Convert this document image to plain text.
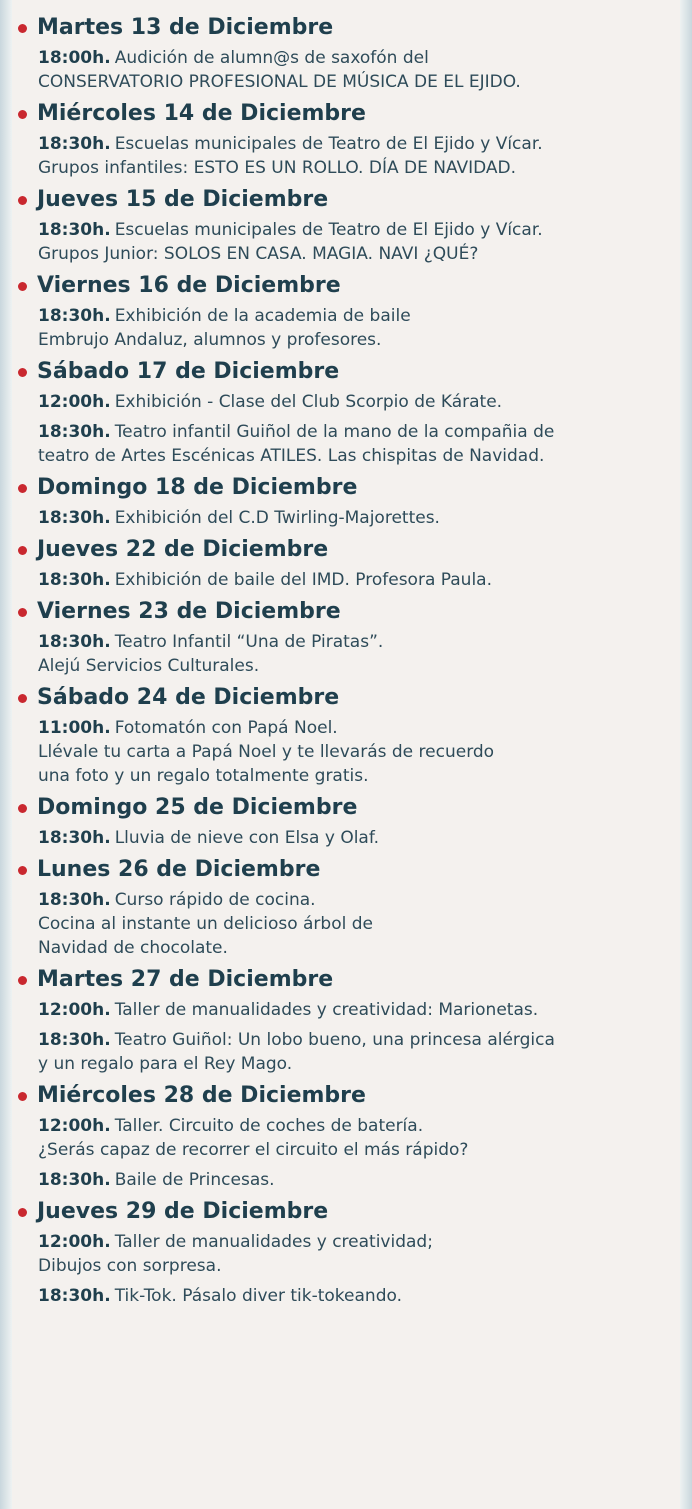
Martes 13 de Diciembre

18:00h. Audición de alumn@s de saxofón del
CONSERVATORIO PROFESIONAL DE MÚSICA DE EL EJIDO.

Miércoles 14 de Diciembre

18:30h. Escuelas municipales de Teatro de El Ejido y Vícar.
Grupos infantiles: ESTO ES UN ROLLO. DÍA DE NAVIDAD.

Jueves 15 de Diciembre

18:30h. Escuelas municipales de Teatro de El Ejido y Vícar.
Grupos Junior: SOLOS EN CASA. MAGIA. NAVI ¿QUÉ?

Viernes 16 de Diciembre

18:30h. Exhibición de la academia de baile
Embrujo Andaluz, alumnos y profesores.

Sábado 17 de Diciembre

12:00h. Exhibición - Clase del Club Scorpio de Kárate.

18:30h. Teatro infantil Guiñol de la mano de la compañia de
teatro de Artes Escénicas ATILES. Las chispitas de Navidad.

Domingo 18 de Diciembre

18:30h. Exhibición del C.D Twirling-Majorettes.

Jueves 22 de Diciembre

18:30h. Exhibición de baile del IMD. Profesora Paula.

Viernes 23 de Diciembre

18:30h. Teatro Infantil “Una de Piratas”.
Alejú Servicios Culturales.

Sábado 24 de Diciembre

11:00h. Fotomatón con Papá Noel.
Llévale tu carta a Papá Noel y te llevarás de recuerdo
una foto y un regalo totalmente gratis.

Domingo 25 de Diciembre

18:30h. Lluvia de nieve con Elsa y Olaf.

Lunes 26 de Diciembre

18:30h. Curso rápido de cocina.
Cocina al instante un delicioso árbol de
Navidad de chocolate.

Martes 27 de Diciembre

12:00h. Taller de manualidades y creatividad: Marionetas.

18:30h. Teatro Guiñol: Un lobo bueno, una princesa alérgica
y un regalo para el Rey Mago.

Miércoles 28 de Diciembre

12:00h. Taller. Circuito de coches de batería.
¿Serás capaz de recorrer el circuito el más rápido?

18:30h. Baile de Princesas.

Jueves 29 de Diciembre

12:00h. Taller de manualidades y creatividad;
Dibujos con sorpresa.

18:30h. Tik-Tok. Pásalo diver tik-tokeando.
